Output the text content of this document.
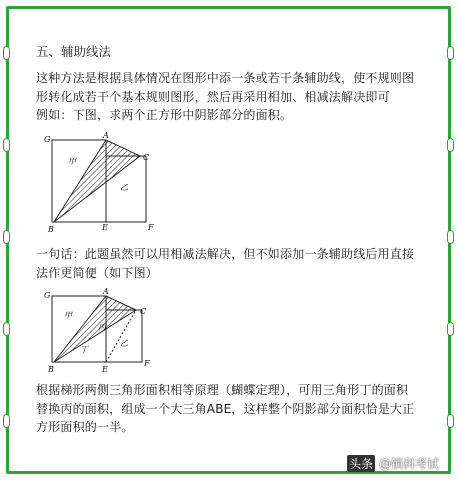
五、辅助线法
这种方法是根据具体情况在图形中添一条或若干条辅助线，使不规则图
形转化成若干个基本规则图形，然后再采用相加、相减法解决即可
例如：下图，求两个正方形中阴影部分的面积。
G	A
C
甲
乙
B	E	F
一句话：此题虽然可以用相减法解决，但不如添加一条辅助线后用直接
法作更简便（如下图）
G	A
C
甲
丙
丁
乙
B	E
F
根据梯形两侧三角形面积相等原理（蝴蝶定理），可用三角形丁的面积
替换丙的面积，组成一个大三角ABE，这样整个阴影部分面积恰是大正
方形面积的一半。
头条 @锁科考试
